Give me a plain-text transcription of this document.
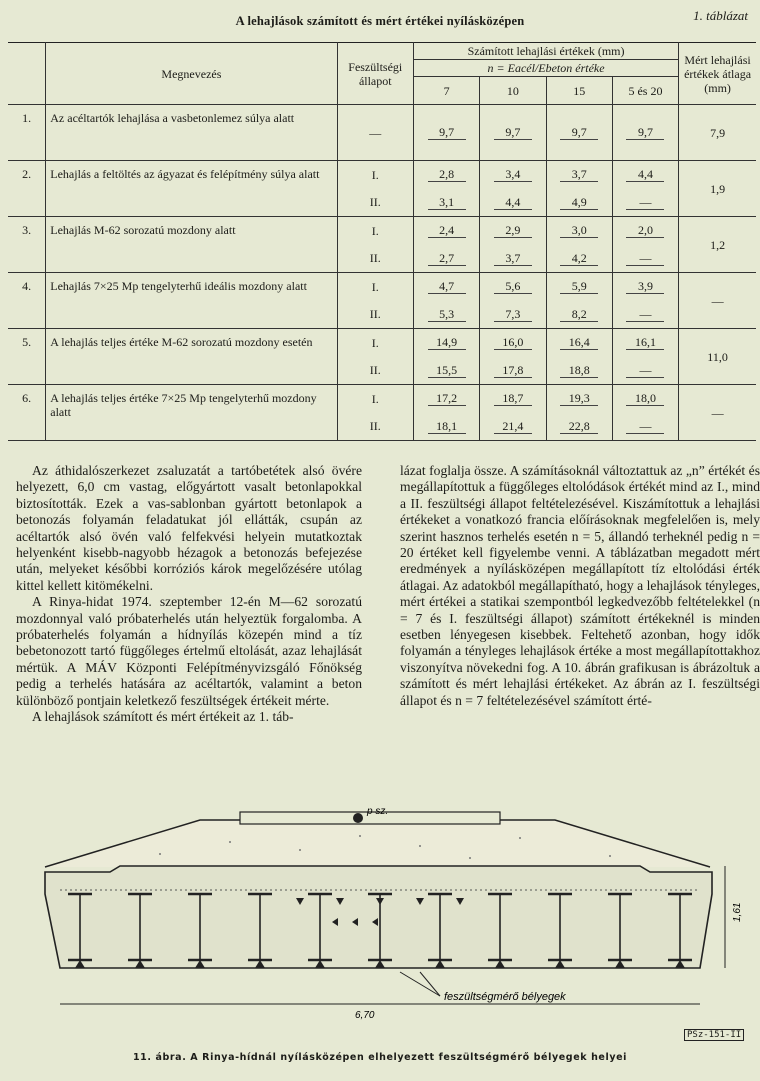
A lehajlások számított és mért értékei nyílásközépen	1. táblázat
	Megnevezés	Feszültségi állapot	Számított lehajlási értékek (mm)				Mért lehajlási értékek átlaga (mm)
			n = Eacél/Ebeton értéke				
			7	10	15	5 és 20	
1.	Az acéltartók lehajlása a vasbetonlemez súlya alatt	—	9,7	9,7	9,7	9,7	7,9
2.	Lehajlás a feltöltés az ágyazat és felépítmény súlya alatt	I.	2,8	3,4	3,7	4,4	1,9
		II.	3,1	4,4	4,9	—	
3.	Lehajlás M-62 sorozatú mozdony alatt	I.	2,4	2,9	3,0	2,0	1,2
		II.	2,7	3,7	4,2	—	
4.	Lehajlás 7×25 Mp tengelyterhű ideális mozdony alatt	I.	4,7	5,6	5,9	3,9	—
		II.	5,3	7,3	8,2	—	
5.	A lehajlás teljes értéke M-62 sorozatú mozdony esetén	I.	14,9	16,0	16,4	16,1	11,0
		II.	15,5	17,8	18,8	—	
6.	A lehajlás teljes értéke 7×25 Mp tengelyterhű mozdony alatt	I.	17,2	18,7	19,3	18,0	—
		II.	18,1	21,4	22,8	—	

Az áthidalószerkezet zsaluzatát a tartóbetétek alsó övére helyezett, 6,0 cm vastag, előgyártott vasalt betonlapokkal biztosították. Ezek a vas-sablonban gyártott betonlapok a betonozás folyamán feladatukat jól ellátták, csupán az acéltartók alsó övén való felfekvési helyein mutatkoztak helyenként kisebb-nagyobb hézagok a betonozás befejezése után, melyeket későbbi korróziós károk megelőzésére utólag kittel kellett kitömékelni.

A Rinya-hidat 1974. szeptember 12-én M—62 sorozatú mozdonnyal való próbaterhelés után helyeztük forgalomba. A próbaterhelés folyamán a hídnyílás közepén mind a tíz bebetonozott tartó függőleges értelmű eltolását, azaz lehajlását mértük. A MÁV Központi Felépítményvizsgáló Főnökség pedig a terhelés hatására az acéltartók, valamint a beton különböző pontjain keletkező feszültségek értékeit mérte.

A lehajlások számított és mért értékeit az 1. táb-

lázat foglalja össze. A számításoknál változtattuk az „n” értékét és megállapítottuk a függőleges eltolódások értékét mind az I., mind a II. feszültségi állapot feltételezésével. Kiszámítottuk a lehajlási értékeket a vonatkozó francia előírásoknak megfelelően is, mely szerint hasznos terhelés esetén n = 5, állandó terheknél pedig n = 20 értéket kell figyelembe venni. A táblázatban megadott mért eredmények a nyílásközépen megállapított tíz eltolódási érték átlagai. Az adatokból megállapítható, hogy a lehajlások tényleges, mért értékei a statikai szempontból legkedvezőbb feltételekkel (n = 7 és I. feszültségi állapot) számított értékeknél is minden esetben lényegesen kisebbek. Feltehető azonban, hogy idők folyamán a tényleges lehajlások értéke a most megállapítottakhoz viszonyítva növekedni fog. A 10. ábrán grafikusan is ábrázoltuk a számított és mért lehajlási értékeket. Az ábrán az I. feszültségi állapot és n = 7 feltételezésével számított érté-

p sz.
1,61
6,70
feszültségmérő bélyegek
PSz-151-II
11. ábra. A Rinya-hídnál nyílásközépen elhelyezett feszültségmérő bélyegek helyei
